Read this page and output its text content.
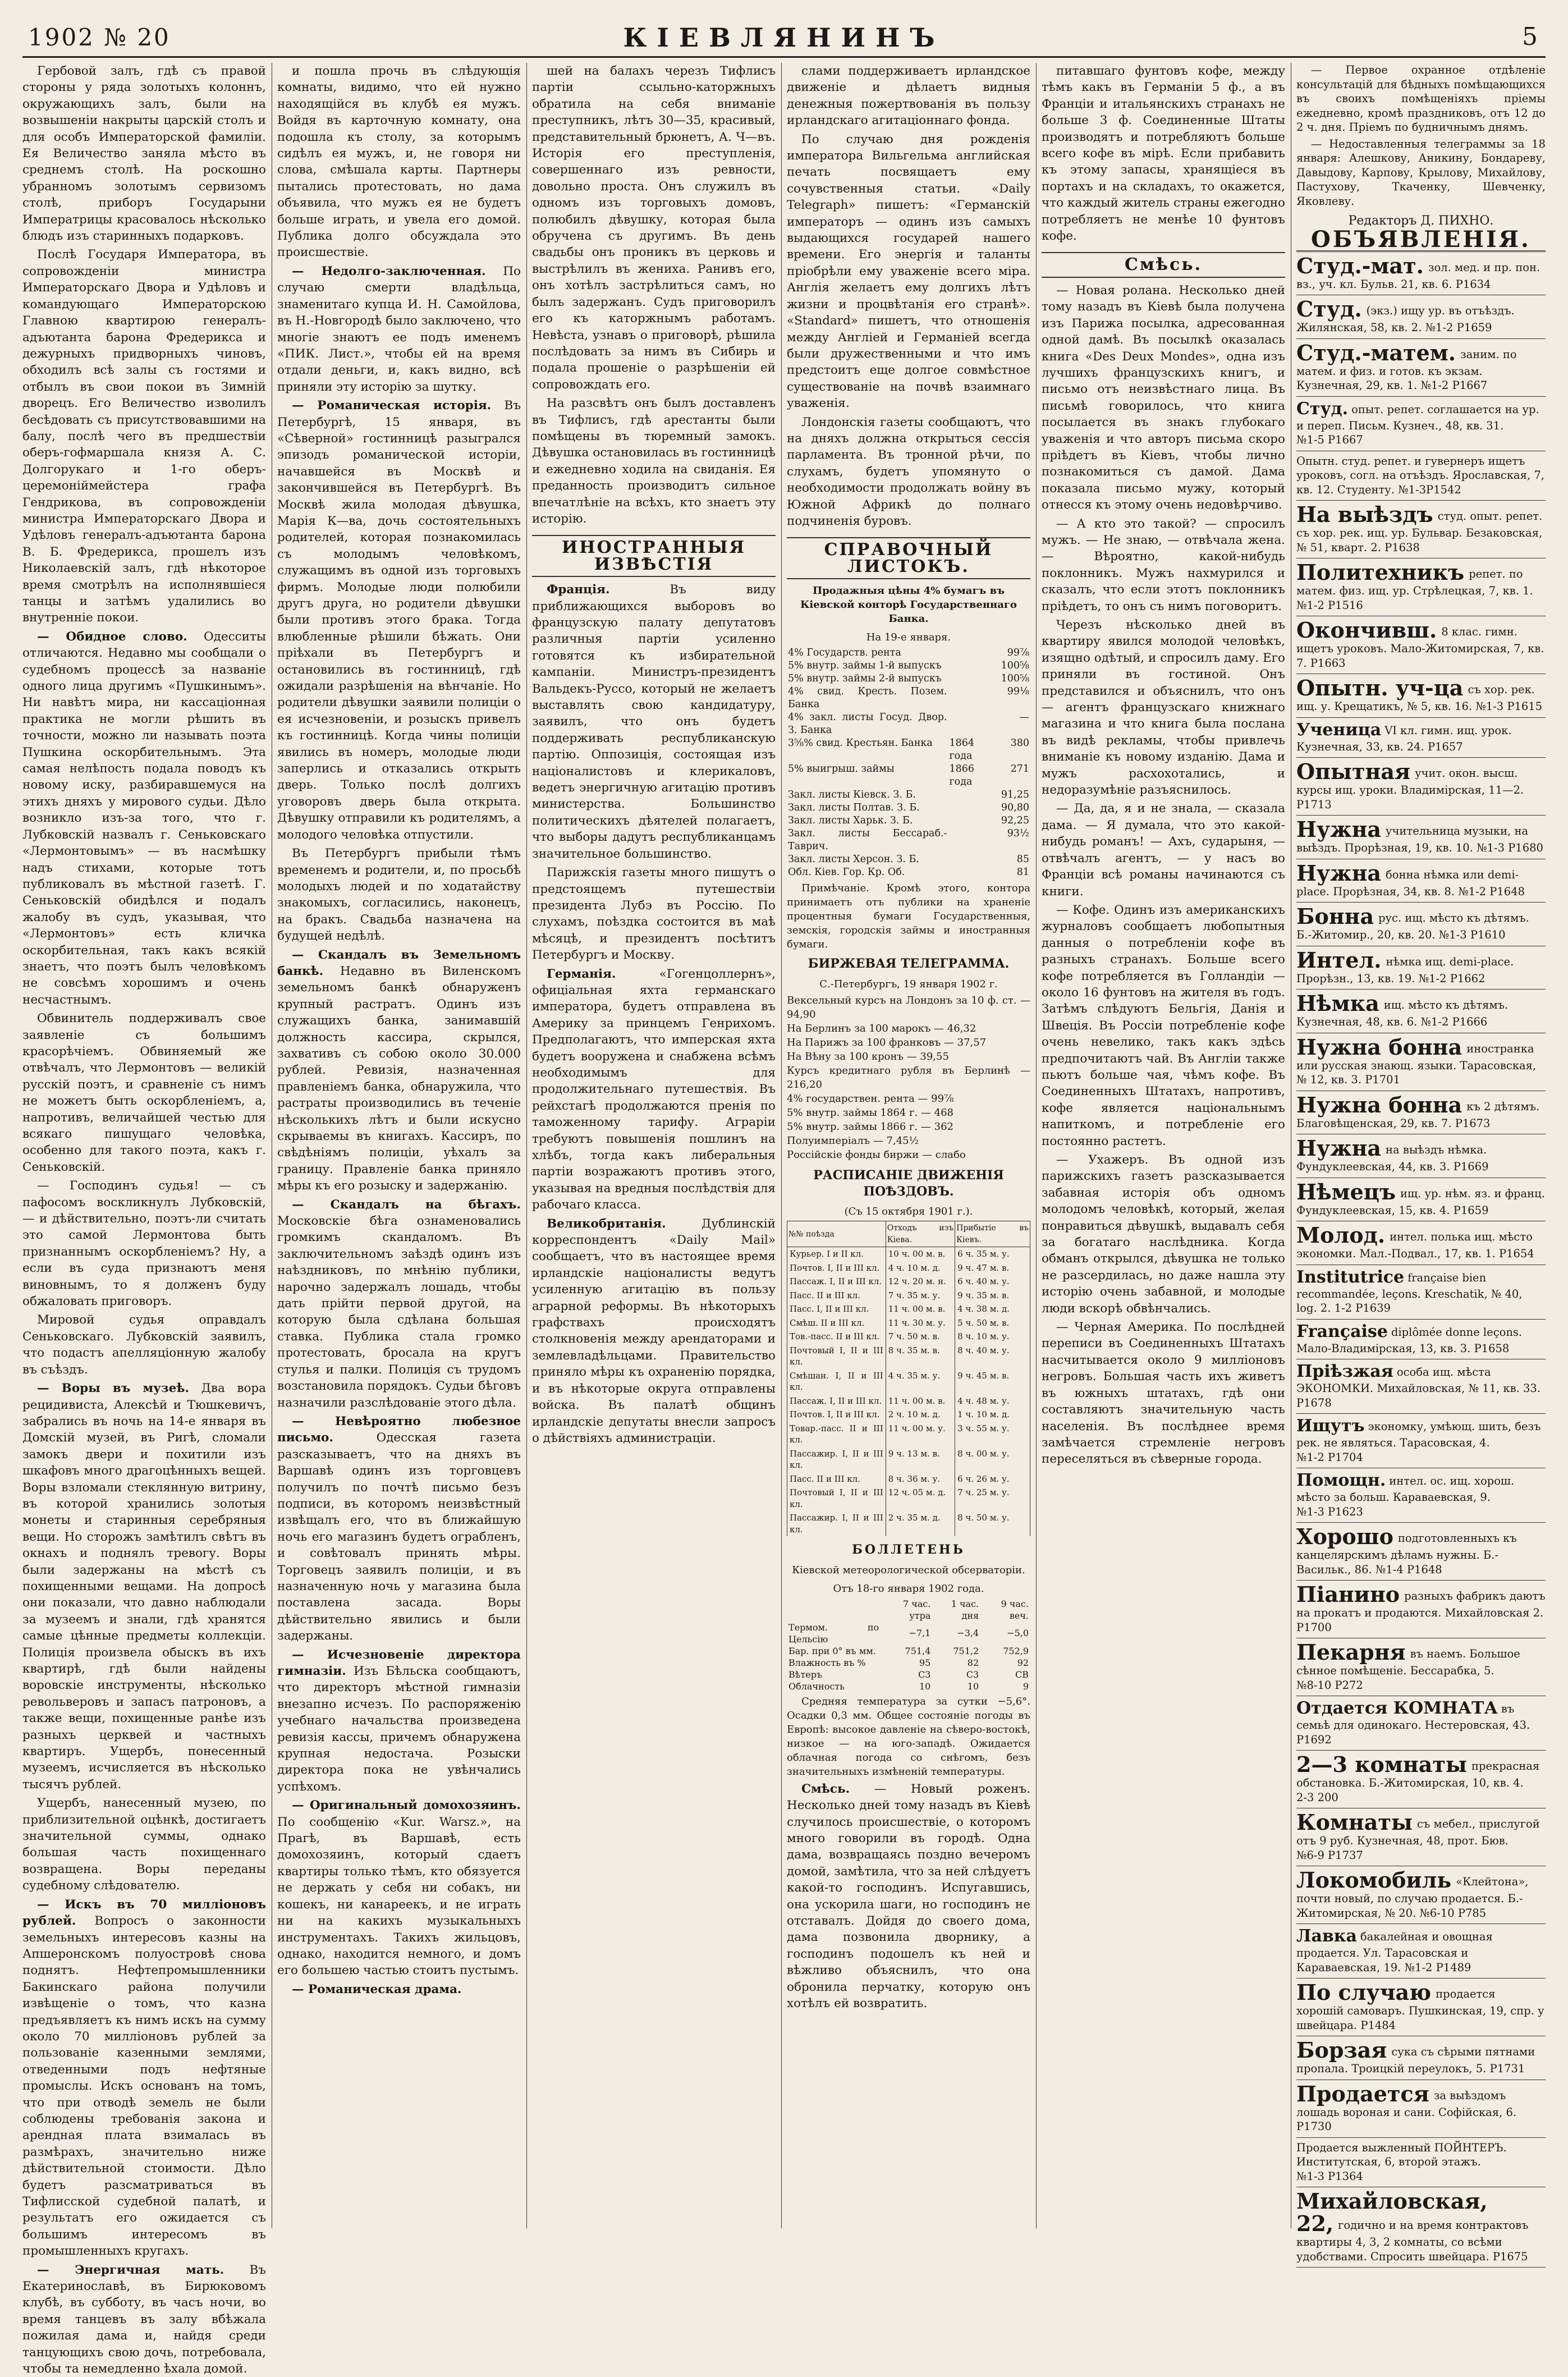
1902 № 20	КІЕВЛЯНИНЪ	5

Гербовой залъ, гдѣ съ правой стороны у ряда золотыхъ колоннъ, окружающихъ залъ, были на возвышеніи накрыты царскій столъ и для особъ Императорской фамиліи. Ея Величество заняла мѣсто въ среднемъ столѣ. На роскошно убранномъ золотымъ сервизомъ столѣ, приборъ Государыни Императрицы красовалось нѣсколько блюдъ изъ старинныхъ подарковъ.

Послѣ Государя Императора, въ сопровожденіи министра Императорскаго Двора и Удѣловъ и командующаго Императорскою Главною квартирою генералъ-адъютанта барона Фредерикса и дежурныхъ придворныхъ чиновъ, обходилъ всѣ залы съ гостями и отбылъ въ свои покои въ Зимній дворецъ. Его Величество изволилъ бесѣдовать съ присутствовавшими на балу, послѣ чего въ предшествіи оберъ-гофмаршала князя А. С. Долгорукаго и 1-го оберъ-церемоніймейстера графа Гендрикова, въ сопровожденіи министра Императорскаго Двора и Удѣловъ генералъ-адъютанта барона В. Б. Фредерикса, прошелъ изъ Николаевскій залъ, гдѣ нѣкоторое время смотрѣлъ на исполнявшіеся танцы и затѣмъ удалились во внутренніе покои.

— Обидное слово. Одесситы отличаются. Недавно мы сообщали о судебномъ процессѣ за названіе одного лица другимъ «Пушкинымъ». Ни навѣтъ мира, ни кассаціонная практика не могли рѣшить въ точности, можно ли называть поэта Пушкина оскорбительнымъ. Эта самая нелѣпость подала поводъ къ новому иску, разбиравшемуся на этихъ дняхъ у мирового судьи. Дѣло возникло изъ-за того, что г. Лубковскій назвалъ г. Сеньковскаго «Лермонтовымъ» — въ насмѣшку надъ стихами, которые тотъ публиковалъ въ мѣстной газетѣ. Г. Сеньковскій обидѣлся и подалъ жалобу въ судъ, указывая, что «Лермонтовъ» есть кличка оскорбительная, такъ какъ всякій знаетъ, что поэтъ былъ человѣкомъ не совсѣмъ хорошимъ и очень несчастнымъ.

Обвинитель поддерживалъ свое заявленіе съ большимъ красорѣчіемъ. Обвиняемый же отвѣчалъ, что Лермонтовъ — великій русскій поэтъ, и сравненіе съ нимъ не можетъ быть оскорбленіемъ, а, напротивъ, величайшей честью для всякаго пишущаго человѣка, особенно для такого поэта, какъ г. Сеньковскій.

— Господинъ судья! — съ пафосомъ воскликнулъ Лубковскій, — и дѣйствительно, поэтъ-ли считать это самой Лермонтова быть признаннымъ оскорбленіемъ? Ну, а если въ суда признаютъ меня виновнымъ, то я долженъ буду обжаловать приговоръ.

Мировой судья оправдалъ Сеньковскаго. Лубковскій заявилъ, что подастъ апелляціонную жалобу въ съѣздъ.

— Воры въ музеѣ. Два вора рецидивиста, Алексѣй и Тюшкевичъ, забрались въ ночь на 14-е января въ Домскій музей, въ Ригѣ, сломали замокъ двери и похитили изъ шкафовъ много драгоцѣнныхъ вещей. Воры взломали стеклянную витрину, въ которой хранились золотыя монеты и старинныя серебряныя вещи. Но сторожъ замѣтилъ свѣтъ въ окнахъ и поднялъ тревогу. Воры были задержаны на мѣстѣ съ похищенными вещами. На допросѣ они показали, что давно наблюдали за музеемъ и знали, гдѣ хранятся самые цѣнные предметы коллекціи. Полиція произвела обыскъ въ ихъ квартирѣ, гдѣ были найдены воровскіе инструменты, нѣсколько револьверовъ и запасъ патроновъ, а также вещи, похищенные ранѣе изъ разныхъ церквей и частныхъ квартиръ. Ущербъ, понесенный музеемъ, исчисляется въ нѣсколько тысячъ рублей.

Ущербъ, нанесенный музею, по приблизительной оцѣнкѣ, достигаетъ значительной суммы, однако большая часть похищеннаго возвращена. Воры переданы судебному слѣдователю.

— Искъ въ 70 милліоновъ рублей. Вопросъ о законности земельныхъ интересовъ казны на Апшеронскомъ полуостровѣ снова поднятъ. Нефтепромышленники Бакинскаго района получили извѣщеніе о томъ, что казна предъявляетъ къ нимъ искъ на сумму около 70 милліоновъ рублей за пользованіе казенными землями, отведенными подъ нефтяные промыслы. Искъ основанъ на томъ, что при отводѣ земель не были соблюдены требованія закона и арендная плата взималась въ размѣрахъ, значительно ниже дѣйствительной стоимости. Дѣло будетъ разсматриваться въ Тифлисской судебной палатѣ, и результатъ его ожидается съ большимъ интересомъ въ промышленныхъ кругахъ.

— Энергичная мать. Въ Екатеринославѣ, въ Бирюковомъ клубѣ, въ субботу, въ часъ ночи, во время танцевъ въ залу вбѣжала пожилая дама и, найдя среди танцующихъ свою дочь, потребовала, чтобы та немедленно ѣхала домой.

и пошла прочь въ слѣдующія комнаты, видимо, что ей нужно находящійся въ клубѣ ея мужъ. Войдя въ карточную комнату, она подошла къ столу, за которымъ сидѣлъ ея мужъ, и, не говоря ни слова, смѣшала карты. Партнеры пытались протестовать, но дама объявила, что мужъ ея не будетъ больше играть, и увела его домой. Публика долго обсуждала это происшествіе.

— Недолго-заключенная. По случаю смерти владѣльца, знаменитаго купца И. Н. Самойлова, въ Н.-Новгородѣ было заключено, что многіе знаютъ ее подъ именемъ «ПИК. Лист.», чтобы ей на время отдали деньги, и, какъ видно, всѣ приняли эту исторію за шутку.

— Романическая исторія. Въ Петербургѣ, 15 января, въ «Сѣверной» гостинницѣ разыгрался эпизодъ романической исторіи, начавшейся въ Москвѣ и закончившейся въ Петербургѣ. Въ Москвѣ жила молодая дѣвушка, Марія К—ва, дочь состоятельныхъ родителей, которая познакомилась съ молодымъ человѣкомъ, служащимъ въ одной изъ торговыхъ фирмъ. Молодые люди полюбили другъ друга, но родители дѣвушки были противъ этого брака. Тогда влюбленные рѣшили бѣжать. Они пріѣхали въ Петербургъ и остановились въ гостинницѣ, гдѣ ожидали разрѣшенія на вѣнчаніе. Но родители дѣвушки заявили полиціи о ея исчезновеніи, и розыскъ привелъ къ гостинницѣ. Когда чины полиціи явились въ номеръ, молодые люди заперлись и отказались открыть дверь. Только послѣ долгихъ уговоровъ дверь была открыта. Дѣвушку отправили къ родителямъ, а молодого человѣка отпустили.

Въ Петербургъ прибыли тѣмъ временемъ и родители, и, по просьбѣ молодыхъ людей и по ходатайству знакомыхъ, согласились, наконецъ, на бракъ. Свадьба назначена на будущей недѣлѣ.

— Скандалъ въ Земельномъ банкѣ. Недавно въ Виленскомъ земельномъ банкѣ обнаруженъ крупный растратъ. Одинъ изъ служащихъ банка, занимавшій должность кассира, скрылся, захвативъ съ собою около 30.000 рублей. Ревизія, назначенная правленіемъ банка, обнаружила, что растраты производились въ теченіе нѣсколькихъ лѣтъ и были искусно скрываемы въ книгахъ. Кассиръ, по свѣдѣніямъ полиціи, уѣхалъ за границу. Правленіе банка приняло мѣры къ его розыску и задержанію.

— Скандалъ на бѣгахъ. Московскіе бѣга ознаменовались громкимъ скандаломъ. Въ заключительномъ заѣздѣ одинъ изъ наѣздниковъ, по мнѣнію публики, нарочно задержалъ лошадь, чтобы дать прійти первой другой, на которую была сдѣлана большая ставка. Публика стала громко протестовать, бросала на кругъ стулья и палки. Полиція съ трудомъ возстановила порядокъ. Судьи бѣговъ назначили разслѣдованіе этого дѣла.

— Невѣроятно любезное письмо.	Одесская газета разсказываетъ, что на дняхъ въ Варшавѣ одинъ изъ торговцевъ получилъ по почтѣ письмо безъ подписи, въ которомъ неизвѣстный извѣщалъ его, что въ ближайшую ночь его магазинъ будетъ ограбленъ, и совѣтовалъ принять мѣры. Торговецъ заявилъ полиціи, и въ назначенную ночь у магазина была поставлена засада. Воры дѣйствительно явились и были задержаны.

— Исчезновеніе директора гимназіи. Изъ Бѣльска сообщаютъ, что директоръ мѣстной гимназіи внезапно исчезъ. По распоряженію учебнаго начальства произведена ревизія кассы, причемъ обнаружена крупная недостача. Розыски директора пока не увѣнчались успѣхомъ.

— Оригинальный домохозяинъ. По сообщенію «Kur. Warsz.», на Прагѣ, въ Варшавѣ, есть домохозяинъ, который сдаетъ квартиры только тѣмъ, кто обязуется не держать у себя ни собакъ, ни кошекъ, ни канареекъ, и не играть ни на какихъ музыкальныхъ инструментахъ. Такихъ жильцовъ, однако, находится немного, и домъ его большею частью стоитъ пустымъ.

— Романическая драма.

шей на балахъ черезъ Тифлисъ партіи ссыльно-каторжныхъ обратила на себя вниманіе преступникъ, лѣтъ 30—35, красивый, представительный брюнетъ, А. Ч—въ. Исторія его преступленія, совершеннаго изъ ревности, довольно проста. Онъ служилъ въ одномъ изъ торговыхъ домовъ, полюбилъ дѣвушку, которая была обручена съ другимъ. Въ день свадьбы онъ проникъ въ церковь и выстрѣлилъ въ жениха. Ранивъ его, онъ хотѣлъ застрѣлиться самъ, но былъ задержанъ. Судъ приговорилъ его къ каторжнымъ работамъ. Невѣста, узнавъ о приговорѣ, рѣшила послѣдовать за нимъ въ Сибирь и подала прошеніе о разрѣшеніи ей сопровождать его.

На разсвѣтъ онъ былъ доставленъ въ Тифлисъ, гдѣ арестанты были помѣщены въ тюремный замокъ. Дѣвушка остановилась въ гостинницѣ и ежедневно ходила на свиданія. Ея преданность производитъ сильное впечатлѣніе на всѣхъ, кто знаетъ эту исторію.

ИНОСТРАННЫЯ ИЗВѢСТІЯ

Франція.	Въ виду приближающихся выборовъ во французскую палату депутатовъ различныя партіи усиленно готовятся къ избирательной кампаніи. Министръ-президентъ Вальдекъ-Руссо, который не желаетъ выставлять свою кандидатуру, заявилъ, что онъ будетъ поддерживать республиканскую партію. Оппозиція, состоящая изъ націоналистовъ и клерикаловъ, ведетъ энергичную агитацію противъ министерства. Большинство политическихъ дѣятелей полагаетъ, что выборы дадутъ республиканцамъ значительное большинство.

Парижскія газеты много пишутъ о предстоящемъ путешествіи президента Лубэ въ Россію. По слухамъ, поѣздка состоится въ маѣ мѣсяцѣ, и президентъ посѣтитъ Петербургъ и Москву.

Германія.	«Гогенцоллернъ», офиціальная яхта германскаго императора, будетъ отправлена въ Америку за принцемъ Генрихомъ. Предполагаютъ, что имперская яхта будетъ вооружена и снабжена всѣмъ необходимымъ для продолжительнаго путешествія. Въ рейхстагѣ продолжаются пренія по таможенному тарифу. Аграріи требуютъ повышенія пошлинъ на хлѣбъ, тогда какъ либеральныя партіи возражаютъ противъ этого, указывая на вредныя послѣдствія для рабочаго класса.

Великобританія.	Дублинскій корреспондентъ «Daily Mail» сообщаетъ, что въ настоящее время ирландскіе націоналисты ведутъ усиленную агитацію въ пользу аграрной реформы. Въ нѣкоторыхъ графствахъ происходятъ столкновенія между арендаторами и землевладѣльцами. Правительство приняло мѣры къ охраненію порядка, и въ нѣкоторые округа отправлены войска. Въ палатѣ общинъ ирландскіе депутаты внесли запросъ о дѣйствіяхъ администраціи.

слами поддерживаетъ ирландское движеніе и дѣлаетъ видныя денежныя пожертвованія въ пользу ирландскаго агитаціоннаго фонда.

По случаю дня рожденія императора Вильгельма английская печать посвящаетъ ему сочувственныя статьи. «Daily Telegraph» пишетъ: «Германскій императоръ — одинъ изъ самыхъ выдающихся государей нашего времени. Его энергія и таланты пріобрѣли ему уваженіе всего міра. Англія желаетъ ему долгихъ лѣтъ жизни и процвѣтанія его странѣ». «Standard» пишетъ, что отношенія между Англіей и Германіей всегда были дружественными и что имъ предстоитъ еще долгое совмѣстное существованіе на почвѣ взаимнаго уваженія.

Лондонскія газеты сообщаютъ, что на дняхъ должна открыться сессія парламента. Въ тронной рѣчи, по слухамъ, будетъ упомянуто о необходимости продолжать войну въ Южной Африкѣ до полнаго подчиненія буровъ.

СПРАВОЧНЫЙ ЛИСТОКЪ.
Продажныя цѣны 4% бумагъ въ Кіевской конторѣ Государственнаго Банка.
На 19-е января.
4% Государств. рента		99⅞
5% внутр. займы 1-й выпускъ		100⅝
5% внутр. займы 2-й выпускъ		100⅝
4% свид. Кресть. Позем. Банка		99⅛
4% закл. листы Госуд. Двор. З. Банка		—
3⅝% свид. Крестьян. Банка	1864 года	380
5% выигрыш. займы	1866 года	271
Закл. листы Кіевск. З. Б.		91,25
Закл. листы Полтав. З. Б.		90,80
Закл. листы Харьк. З. Б.		92,25
Закл. листы Бессараб.-Таврич.		93½
Закл. листы Херсон. З. Б.		85
Обл. Кіев. Гор. Кр. Об.		81

Примѣчаніе. Кромѣ этого, контора принимаетъ отъ публики на храненіе процентныя бумаги Государственныя, земскія, городскія займы и иностранныя бумаги.

БИРЖЕВАЯ ТЕЛЕГРАММА.
С.-Петербургъ, 19 января 1902 г.
Вексельный курсъ на Лондонъ за 10 ф. ст. — 94,90
На Берлинъ за 100 марокъ — 46,32
На Парижъ за 100 франковъ — 37,57
На Вѣну за 100 кронъ — 39,55
Курсъ кредитнаго рубля въ Берлинѣ — 216,20
4% государствен. рента — 99⅞
5% внутр. займы 1864 г. — 468
5% внутр. займы 1866 г. — 362
Полуимперіалъ — 7,45½
Россійскіе фонды биржи — слабо
РАСПИСАНІЕ ДВИЖЕНІЯ ПОѢЗДОВЪ.
(Съ 15 октября 1901 г.).
№№ поѣзда	Отходъ изъ Кіева.	Прибытіе въ Кіевъ.
Курьер. I и II кл.	10 ч. 00 м. в.	6 ч. 35 м. у.
Почтов. I, II и III кл.	4 ч. 10 м. д.	9 ч. 47 м. в.
Пассаж. I, II и III кл.	12 ч. 20 м. н.	6 ч. 40 м. у.
Пасс. II и III кл.	7 ч. 35 м. у.	9 ч. 35 м. в.
Пасс. I, II и III кл.	11 ч. 00 м. в.	4 ч. 38 м. д.
Смѣш. II и III кл.	11 ч. 30 м. у.	5 ч. 50 м. в.
Тов.-пасс. II и III кл.	7 ч. 50 м. в.	8 ч. 10 м. у.
Почтовый I, II и III кл.	8 ч. 35 м. в.	8 ч. 40 м. у.
Смѣшан. I, II и III кл.	4 ч. 35 м. у.	9 ч. 45 м. в.
Пассаж. I, II и III кл.	11 ч. 00 м. в.	4 ч. 48 м. у.
Почтов. I, II и III кл.	2 ч. 10 м. д.	1 ч. 10 м. д.
Товар.-пасс. II и III кл.	11 ч. 00 м. у.	3 ч. 55 м. у.
Пассажир. I, II и III кл.	9 ч. 13 м. в.	8 ч. 00 м. у.
Пасс. II и III кл.	8 ч. 36 м. у.	6 ч. 26 м. у.
Почтовый I, II и III кл.	12 ч. 05 м. д.	7 ч. 25 м. у.
Пассажир. I, II и III кл.	2 ч. 35 м. д.	8 ч. 50 м. у.
БОЛЛЕТЕНЬ
Кіевской метеорологической обсерваторіи.
Отъ 18-го января 1902 года.
	7 час. утра	1 час. дня	9 час. веч.
Термом. по Цельсію	−7,1	−3,4	−5,0
Бар. при 0° въ мм.	751,4	751,2	752,9
Влажность въ %	95	82	92
Вѣтеръ	С3	С3	СВ
Облачность	10	10	9

Средняя температура за сутки −5,6°. Осадки 0,3 мм. Общее состояніе погоды въ Европѣ: высокое давленіе на сѣверо-востокѣ, низкое — на юго-западѣ. Ожидается облачная погода со снѣгомъ, безъ значительныхъ измѣненій температуры.

Смѣсь. — Новый роженъ. Несколько дней тому назадъ въ Кіевѣ случилось происшествіе, о которомъ много говорили въ городѣ. Одна дама, возвращаясь поздно вечеромъ домой, замѣтила, что за ней слѣдуетъ какой-то господинъ. Испугавшись, она ускорила шаги, но господинъ не отставалъ. Дойдя до своего дома, дама позвонила дворнику, а господинъ подошелъ къ ней и вѣжливо объяснилъ, что она обронила перчатку, которую онъ хотѣлъ ей возвратить.

питавшаго фунтовъ кофе, между тѣмъ какъ въ Германіи 5 ф., а въ Франціи и итальянскихъ странахъ не больше 3 ф. Соединенные Штаты производятъ и потребляютъ больше всего кофе въ мірѣ. Если прибавить къ этому запасы, хранящіеся въ портахъ и на складахъ, то окажется, что каждый житель страны ежегодно потребляетъ не менѣе 10 фунтовъ кофе.

Смѣсь.

— Новая ролана. Несколько дней тому назадъ въ Кіевѣ была получена изъ Парижа посылка, адресованная одной дамѣ. Въ посылкѣ оказалась книга «Des Deux Mondes», одна изъ лучшихъ французскихъ книгъ, и письмо отъ неизвѣстнаго лица. Въ письмѣ говорилось, что книга посылается въ знакъ глубокаго уваженія и что авторъ письма скоро пріѣдетъ въ Кіевъ, чтобы лично познакомиться съ дамой. Дама показала письмо мужу, который отнесся къ этому очень недовѣрчиво.

— А кто это такой? — спросилъ мужъ. — Не знаю, — отвѣчала жена. — Вѣроятно, какой-нибудь поклонникъ. Мужъ нахмурился и сказалъ, что если этотъ поклонникъ пріѣдетъ, то онъ съ нимъ поговоритъ.

Черезъ нѣсколько дней въ квартиру явился молодой человѣкъ, изящно одѣтый, и спросилъ даму. Его приняли въ гостиной. Онъ представился и объяснилъ, что онъ — агентъ французскаго книжнаго магазина и что книга была послана въ видѣ рекламы, чтобы привлечь вниманіе къ новому изданію. Дама и мужъ расхохотались, и недоразумѣніе разъяснилось.

— Да, да, я и не знала, — сказала дама. — Я думала, что это какой-нибудь романъ! — Ахъ, сударыня, — отвѣчалъ агентъ, — у насъ во Франціи всѣ романы начинаются съ книги.

— Кофе. Одинъ изъ американскихъ журналовъ сообщаетъ любопытныя данныя о потребленіи кофе въ разныхъ странахъ. Больше всего кофе потребляется въ Голландіи — около 16 фунтовъ на жителя въ годъ. Затѣмъ слѣдуютъ Бельгія, Данія и Швеція. Въ Россіи потребленіе кофе очень невелико, такъ какъ здѣсь предпочитаютъ чай. Въ Англіи также пьютъ больше чая, чѣмъ кофе. Въ Соединенныхъ Штатахъ, напротивъ, кофе является національнымъ напиткомъ, и потребленіе его постоянно растетъ.

— Ухажеръ. Въ одной изъ парижскихъ газетъ разсказывается забавная исторія объ одномъ молодомъ человѣкѣ, который, желая понравиться дѣвушкѣ, выдавалъ себя за богатаго наслѣдника. Когда обманъ открылся, дѣвушка не только не разсердилась, но даже нашла эту исторію очень забавной, и молодые люди вскорѣ обвѣнчались.

— Черная Америка. По послѣдней переписи въ Соединенныхъ Штатахъ насчитывается около 9 милліоновъ негровъ. Большая часть ихъ живетъ въ южныхъ штатахъ, гдѣ они составляютъ значительную часть населенія. Въ послѣднее время замѣчается стремленіе негровъ переселяться въ сѣверные города.

— Первое охранное отдѣленіе консультацій для бѣдныхъ помѣщающихся въ своихъ помѣщеніяхъ пріемы ежедневно, кромѣ праздниковъ, отъ 12 до 2 ч. дня. Пріемъ по будничнымъ днямъ.

— Недоставленныя телеграммы за 18 января: Алешкову, Аникину, Бондареву, Давыдову, Карпову, Крылову, Михайлову, Пастухову, Ткаченку, Шевченку, Яковлеву.

Редакторъ Д. ПИХНО.
ОБЪЯВЛЕНІЯ.
Студ.-мат. зол. мед. и пр. пон. вз., уч. кл. Бульв. 21, кв. 6. Р1634
Студ. (экз.) ищу ур. въ отъѣздъ. Жилянская, 58, кв. 2. №1-2 Р1659
Студ.-матем. заним. по матем. и физ. и готов. къ экзам. Кузнечная, 29, кв. 1. №1-2 Р1667
Студ. опыт. репет. соглашается на ур. и переп. Письм. Кузнеч., 48, кв. 31. №1-5 Р1667
Опытн. студ. репет. и гувернеръ ищетъ уроковъ, согл. на отъѣздъ. Ярославская, 7, кв. 12. Студенту. №1-3Р1542
На выѣздъ студ. опыт. репет. съ хор. рек. ищ. ур. Бульвар. Безаковская, № 51, кварт. 2. Р1638
Политехникъ репет. по матем. физ. ищ. ур. Стрѣлецкая, 7, кв. 1. №1-2 Р1516
Окончивш. 8 клас. гимн. ищетъ уроковъ. Мало-Житомирская, 7, кв. 7. Р1663
Опытн. уч-ца съ хор. рек. ищ. у. Крещатикъ, № 5, кв. 16. №1-3 Р1615
Ученица VI кл. гимн. ищ. урок. Кузнечная, 33, кв. 24. Р1657
Опытная учит. окон. высш. курсы ищ. уроки. Владимірская, 11—2. Р1713
Нужна учительница музыки, на выѣздъ. Прорѣзная, 19, кв. 10. №1-3 Р1680
Нужна бонна нѣмка или demi-place. Прорѣзная, 34, кв. 8. №1-2 Р1648
Бонна рус. ищ. мѣсто къ дѣтямъ. Б.-Житомир., 20, кв. 20. №1-3 Р1610
Интел. нѣмка ищ. demi-place. Прорѣзн., 13, кв. 19. №1-2 Р1662
Нѣмка ищ. мѣсто къ дѣтямъ. Кузнечная, 48, кв. 6. №1-2 Р1666
Нужна бонна иностранка или русская знающ. языки. Тарасовская, № 12, кв. 3. Р1701
Нужна бонна къ 2 дѣтямъ. Благовѣщенская, 29, кв. 7. Р1673
Нужна на выѣздъ нѣмка. Фундуклеевская, 44, кв. 3. Р1669
Нѣмецъ ищ. ур. нѣм. яз. и франц. Фундуклеевская, 15, кв. 4. Р1659
Молод. интел. полька ищ. мѣсто экономки. Мал.-Подвал., 17, кв. 1. Р1654
Institutrice française bien recommandée, leçons. Kreschatik, № 40, log. 2. 1-2 Р1639
Française diplômée donne leçons. Мало-Владимірская, 13, кв. 3. Р1658
Пріѣзжая особа ищ. мѣста ЭКОНОМКИ. Михайловская, № 11, кв. 33. Р1678
Ищутъ экономку, умѣющ. шить, безъ рек. не являться. Тарасовская, 4. №1-2 Р1704
Помощн. интел. ос. ищ. хорош. мѣсто за больш. Караваевская, 9. №1-3 Р1623
Хорошо подготовленныхъ къ канцелярскимъ дѣламъ нужны. Б.-Васильк., 86. №1-4 Р1648
Піанино разныхъ фабрикъ даютъ на прокатъ и продаются. Михайловская 2. Р1700
Пекарня въ наемъ. Большое сѣнное помѣщеніе. Бессарабка, 5. №8-10 Р272
Отдается КОМНАТА въ семьѣ для одинокаго. Нестеровская, 43. Р1692
2—3 комнаты прекрасная обстановка. Б.-Житомирская, 10, кв. 4. 2-3 200
Комнаты съ мебел., прислугой отъ 9 руб. Кузнечная, 48, прот. Бюв. №6-9 Р1737
Локомобиль «Клейтона», почти новый, по случаю продается. Б.-Житомирская, № 20. №6-10 Р785
Лавка бакалейная и овощная продается. Ул. Тарасовская и Караваевская, 19. №1-2 Р1489
По случаю продается хорошій самоваръ. Пушкинская, 19, спр. у швейцара. Р1484
Борзая сука съ сѣрыми пятнами пропала. Троицкій переулокъ, 5. Р1731
Продается за выѣздомъ лошадь вороная и сани. Софійская, 6. Р1730
Продается выжленный ПОЙНТЕРЪ. Институтская, 6, второй этажъ. №1-3 Р1364
Михайловская, 22, годично и на время контрактовъ квартиры 4, 3, 2 комнаты, со всѣми удобствами. Спросить швейцара. Р1675
